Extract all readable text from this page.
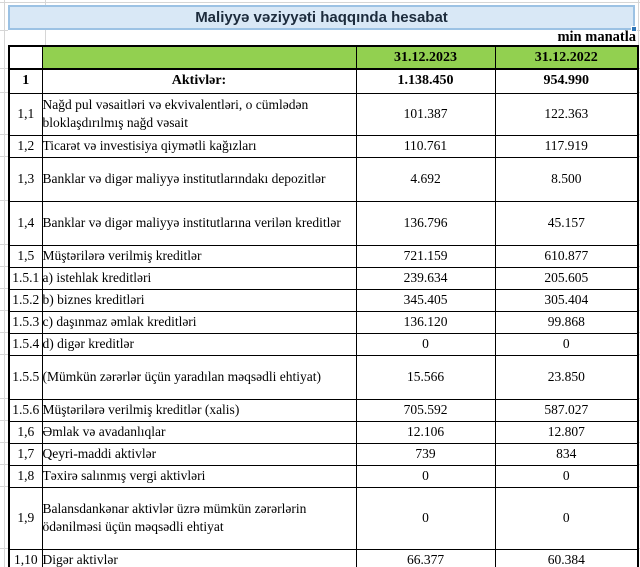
Maliyyə vəziyyəti haqqında hesabat
min manatla
		31.12.2023	31.12.2022
1	Aktivlər:	1.138.450	954.990
1,1	Nağd pul vəsaitləri və ekvivalentləri, o cümlədən bloklaşdırılmış nağd vəsait	101.387	122.363
1,2	Ticarət və investisiya qiymətli kağızları	110.761	117.919
1,3	Banklar və digər maliyyə institutlarındakı depozitlər	4.692	8.500
1,4	Banklar və digər maliyyə institutlarına verilən kreditlər	136.796	45.157
1,5	Müştərilərə verilmiş kreditlər	721.159	610.877
1.5.1	a) istehlak kreditləri	239.634	205.605
1.5.2	b) biznes kreditləri	345.405	305.404
1.5.3	c) daşınmaz əmlak kreditləri	136.120	99.868
1.5.4	d) digər kreditlər	0	0
1.5.5	(Mümkün zərərlər üçün yaradılan məqsədli ehtiyat)	15.566	23.850
1.5.6	Müştərilərə verilmiş kreditlər (xalis)	705.592	587.027
1,6	Əmlak və avadanlıqlar	12.106	12.807
1,7	Qeyri-maddi aktivlər	739	834
1,8	Təxirə salınmış vergi aktivləri	0	0
1,9	Balansdankənar aktivlər üzrə mümkün zərərlərin ödənilməsi üçün məqsədli ehtiyat	0	0
1,10	Digər aktivlər	66.377	60.384
